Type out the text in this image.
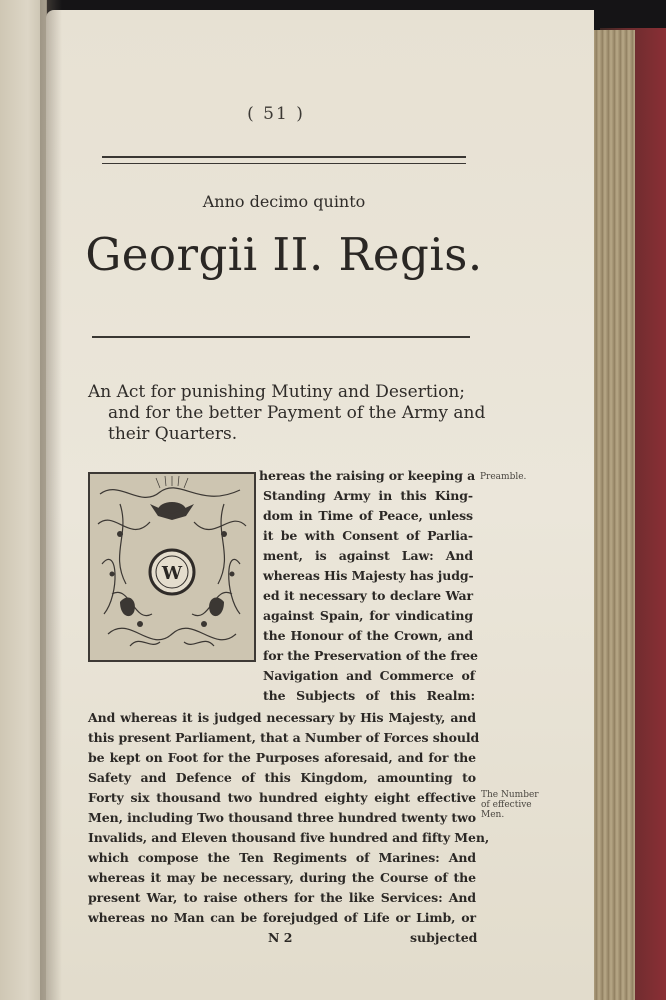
( 51 )
Anno decimo quinto
Georgii II. Regis.
An Act for punishing Mutiny and Desertion;
and for the better Payment of the Army and
their Quarters.
W
hereas the raising or keeping a
Standing Army in this King-
dom in Time of Peace, unless
it be with Consent of Parlia-
ment, is against Law: And
whereas His Majesty has judg-
ed it necessary to declare War
against Spain, for vindicating
the Honour of the Crown, and
for the Preservation of the free
Navigation and Commerce of
the Subjects of this Realm:
And whereas it is judged necessary by His Majesty, and
this present Parliament, that a Number of Forces should
be kept on Foot for the Purposes aforesaid, and for the
Safety and Defence of this Kingdom, amounting to
Forty six thousand two hundred eighty eight effective
Men, including Two thousand three hundred twenty two
Invalids, and Eleven thousand five hundred and fifty Men,
which compose the Ten Regiments of Marines: And
whereas it may be necessary, during the Course of the
present War, to raise others for the like Services: And
whereas no Man can be forejudged of Life or Limb, or
N 2	subjected
Preamble.
The Number
of effective
Men.
